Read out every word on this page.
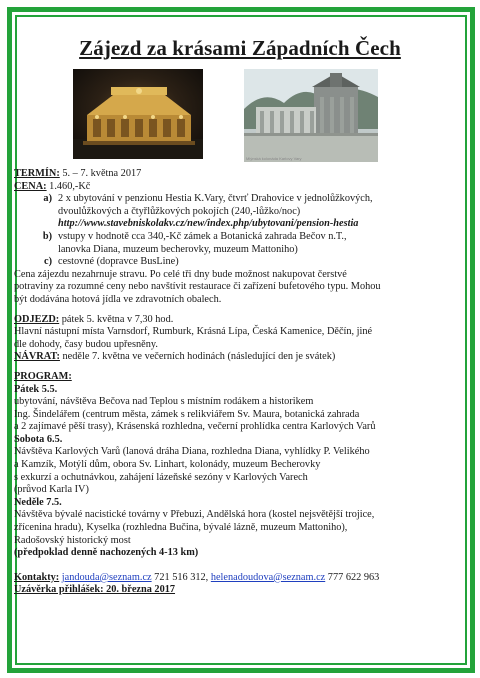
Zájezd za krásami Západních Čech
Mlýnská kolonáda Karlovy Vary

TERMÍN: 5. – 7. května 2017

CENA: 1.460,-Kč

a) 2 x ubytování v penzionu Hestia K.Vary, čtvrť Drahovice v jednolůžkových,
dvoulůžkových a čtyřlůžkových pokojích (240,-lůžko/noc)
http://www.stavebniskolakv.cz/new/index.php/ubytovani/pension-hestia
b) vstupy v hodnotě cca 340,-Kč zámek a Botanická zahrada Bečov n.T.,
lanovka Diana, muzeum becherovky, muzeum Mattoniho)
c) cestovné (dopravce BusLine)

Cena zájezdu nezahrnuje stravu. Po celé tři dny bude možnost nakupovat čerstvé

potraviny za rozumné ceny nebo navštívit restaurace či zařízení bufetového typu. Mohou

být dodávána hotová jídla ve zdravotních obalech.

ODJEZD: pátek 5. května v 7,30 hod.

Hlavní nástupní místa Varnsdorf, Rumburk, Krásná Lípa, Česká Kamenice, Děčín, jiné

dle dohody, časy budou upřesněny.

NÁVRAT: neděle 7. května ve večerních hodinách (následující den je svátek)

PROGRAM:

Pátek 5.5.

ubytování, návštěva Bečova nad Teplou s místním rodákem a historikem

Ing. Šindelářem (centrum města, zámek s relikviářem Sv. Maura, botanická zahrada

a 2 zajímavé pěší trasy), Krásenská rozhledna, večerní prohlídka centra Karlových Varů

Sobota 6.5.

Návštěva Karlových Varů (lanová dráha Diana, rozhledna Diana, vyhlídky P. Velikého

a Kamzík, Motýlí dům, obora Sv. Linhart, kolonády, muzeum Becherovky

s exkurzí a ochutnávkou, zahájení lázeňské sezóny v Karlových Varech

(průvod Karla IV)

Neděle 7.5.

Návštěva bývalé nacistické továrny v Přebuzi, Andělská hora (kostel nejsvětější trojice,

zřícenina hradu), Kyselka (rozhledna Bučina, bývalé lázně, muzeum Mattoniho),

Radošovský historický most

(předpoklad denně nachozených 4-13 km)

Kontakty: jandouda@seznam.cz 721 516 312, helenadoudova@seznam.cz 777 622 963

Uzávěrka přihlášek: 20. března 2017
